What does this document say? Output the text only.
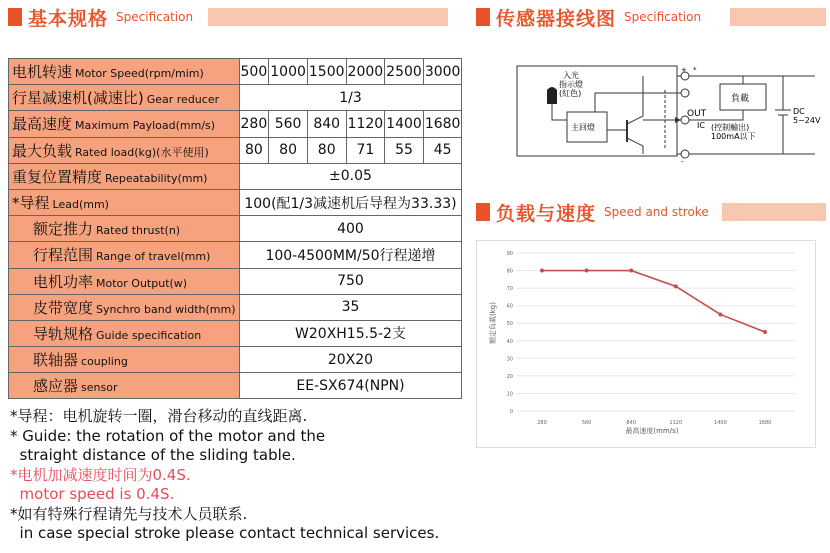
基本规格 Specification	传感器接线图 Specification
电机转速 Motor Speed(rpm/mim)	500	1000	1500	2000	2500	3000
行星减速机(减速比) Gear reducer	1/3					
最高速度 Maximum Payload(mm/s)	280	560	840	1120	1400	1680
最大负载 Rated load(kg)(水平使用)	80	80	80	71	55	45
重复位置精度 Repeatability(mm)	±0.05					
*导程 Lead(mm)	100(配1/3减速机后导程为33.33)					
额定推力 Rated thrust(n)	400					
行程范围 Range of travel(mm)	100-4500MM/50行程递增					
电机功率 Motor Output(w)	750					
皮带宽度 Synchro band width(mm)	35					
导轨规格 Guide specification	W20XH15.5-2支					
联轴器 coupling	20X20					
感应器 sensor	EE-SX674(NPN)					
*导程：电机旋转一圈，滑台移动的直线距离.
* Guide: the rotation of the motor and the
straight distance of the sliding table.
*电机加减速度时间为0.4S.
motor speed is 0.4S.
*如有特殊行程请先与技术人员联系.
in case special stroke please contact technical services.
+ *
-
入光
指示燈
(紅色)
主回燈
負載
OUT
IC (控制輸出)
100mA以下
DC
5~24V
负载与速度 Speed and stroke
0
10
20
30
40
50
60
70
80
90
280	560	840	1120	1400	1680
最高速度(mm/s)
額定負載(kg)
